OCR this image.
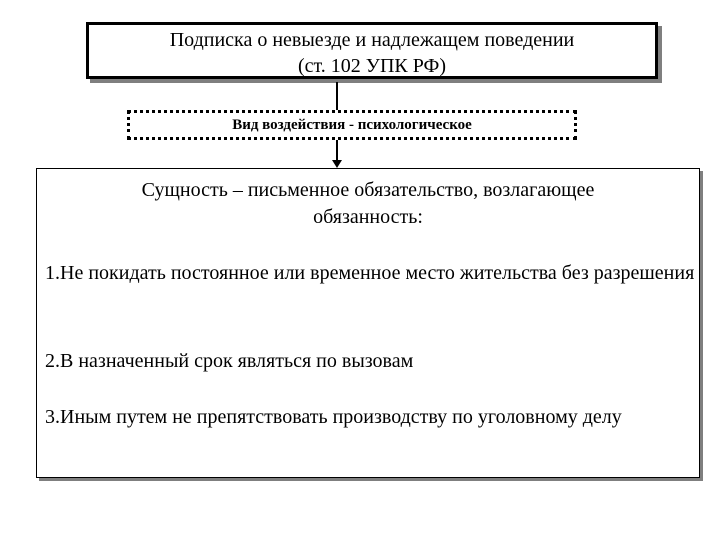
Подписка о невыезде и надлежащем поведении
(ст. 102 УПК РФ)
Вид воздействия - психологическое
Сущность – письменное обязательство, возлагающее
обязанность:
1.Не покидать постоянное или временное место жительства без разрешения
2.В назначенный срок являться по вызовам
3.Иным путем не препятствовать производству по уголовному делу
